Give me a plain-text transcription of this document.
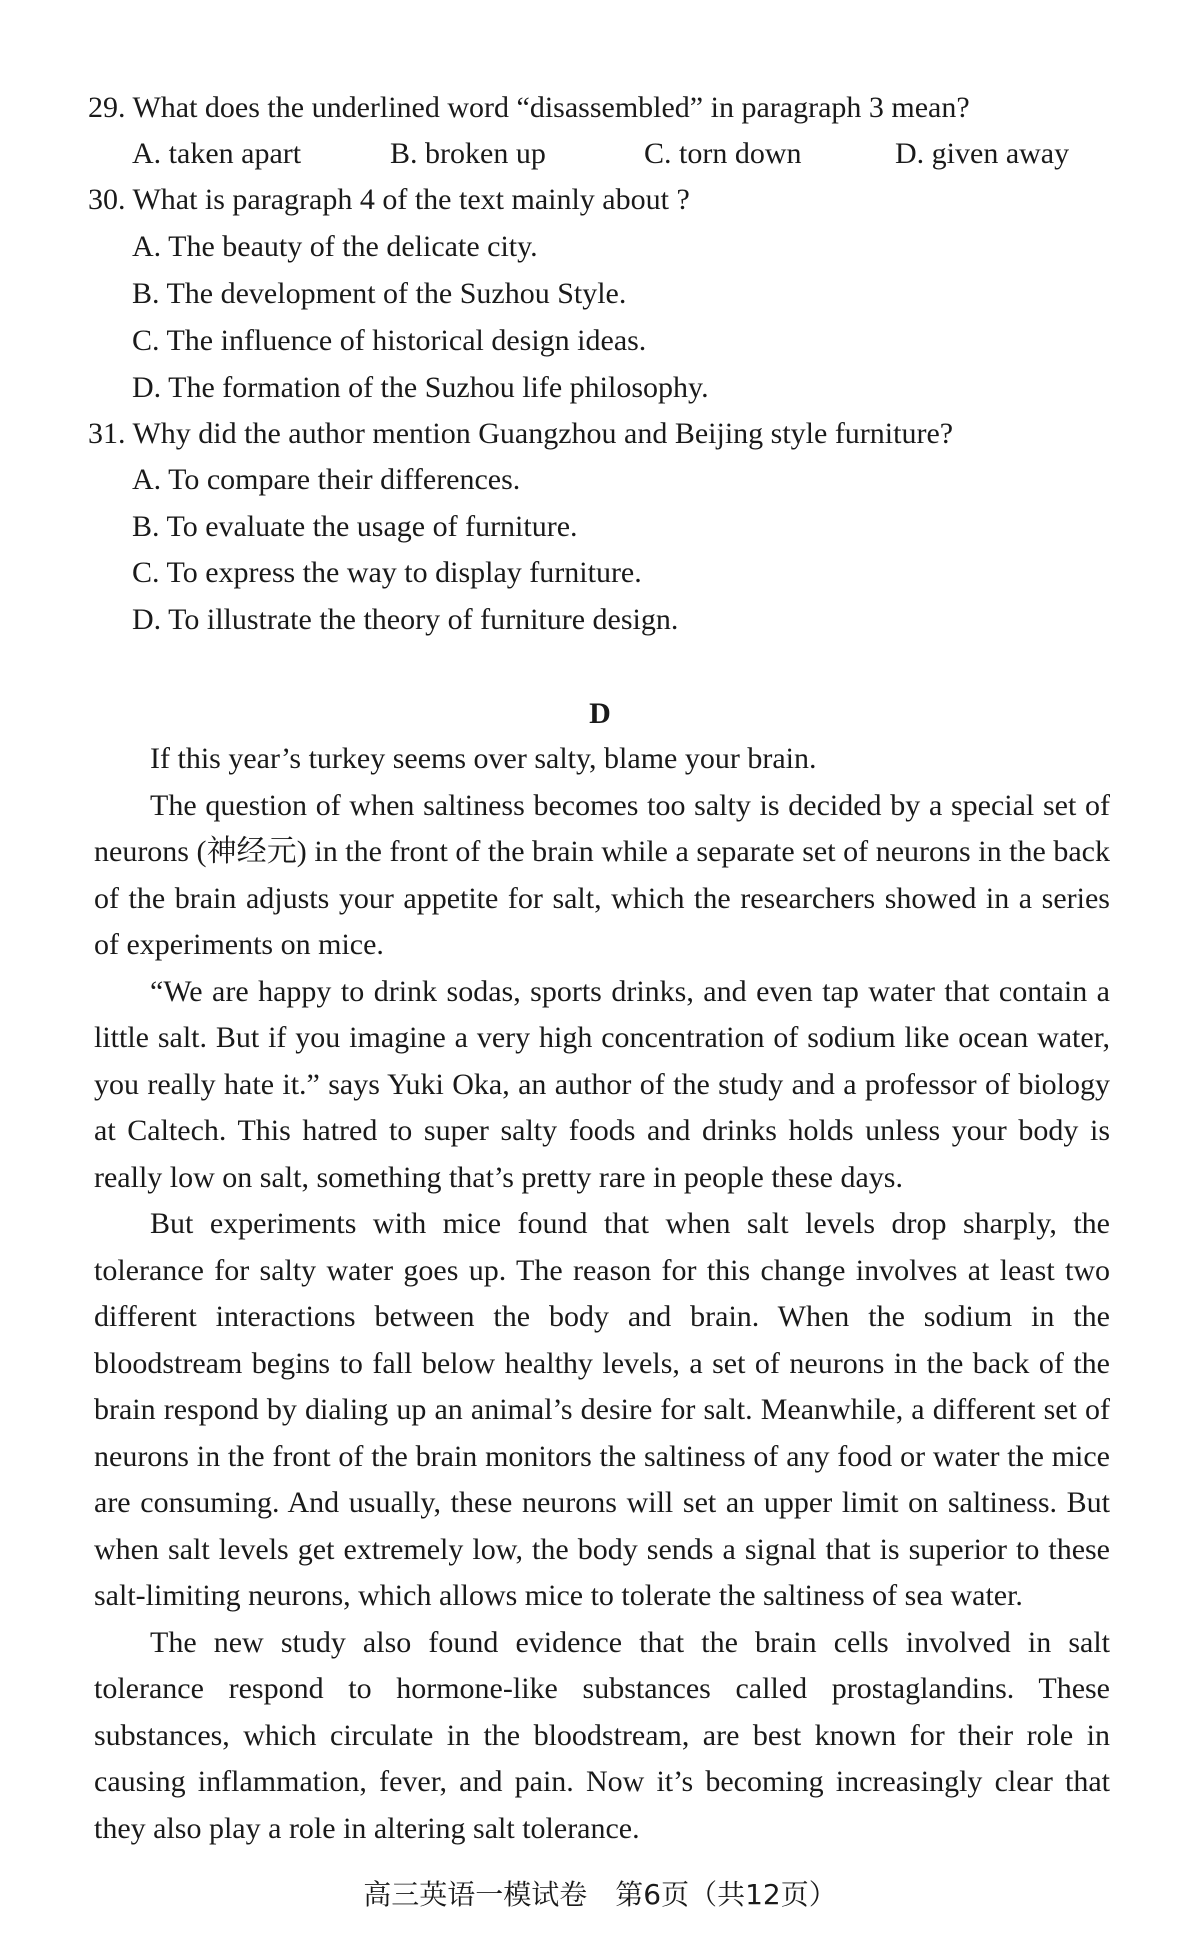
29. What does the underlined word “disassembled” in paragraph 3 mean?
A. taken apart	B. broken up	C. torn down	D. given away
30. What is paragraph 4 of the text mainly about ?
A. The beauty of the delicate city.
B. The development of the Suzhou Style.
C. The influence of historical design ideas.
D. The formation of the Suzhou life philosophy.
31. Why did the author mention Guangzhou and Beijing style furniture?
A. To compare their differences.
B. To evaluate the usage of furniture.
C. To express the way to display furniture.
D. To illustrate the theory of furniture design.
D

If this year’s turkey seems over salty, blame your brain.

The question of when saltiness becomes too salty is decided by a special set of neurons (神经元) in the front of the brain while a separate set of neurons in the back of the brain adjusts your appetite for salt, which the researchers showed in a series of experiments on mice.

“We are happy to drink sodas, sports drinks, and even tap water that contain a little salt. But if you imagine a very high concentration of sodium like ocean water, you really hate it.” says Yuki Oka, an author of the study and a professor of biology at Caltech. This hatred to super salty foods and drinks holds unless your body is really low on salt, something that’s pretty rare in people these days.

But experiments with mice found that when salt levels drop sharply, the tolerance for salty water goes up. The reason for this change involves at least two different interactions between the body and brain. When the sodium in the bloodstream begins to fall below healthy levels, a set of neurons in the back of the brain respond by dialing up an animal’s desire for salt. Meanwhile, a different set of neurons in the front of the brain monitors the saltiness of any food or water the mice are consuming. And usually, these neurons will set an upper limit on saltiness. But when salt levels get extremely low, the body sends a signal that is superior to these salt-limiting neurons, which allows mice to tolerate the saltiness of sea water.

The new study also found evidence that the brain cells involved in salt tolerance respond to hormone-like substances called prostaglandins. These substances, which circulate in the bloodstream, are best known for their role in causing inflammation, fever, and pain. Now it’s becoming increasingly clear that they also play a role in altering salt tolerance.

高三英语一模试卷　第6页（共12页）
